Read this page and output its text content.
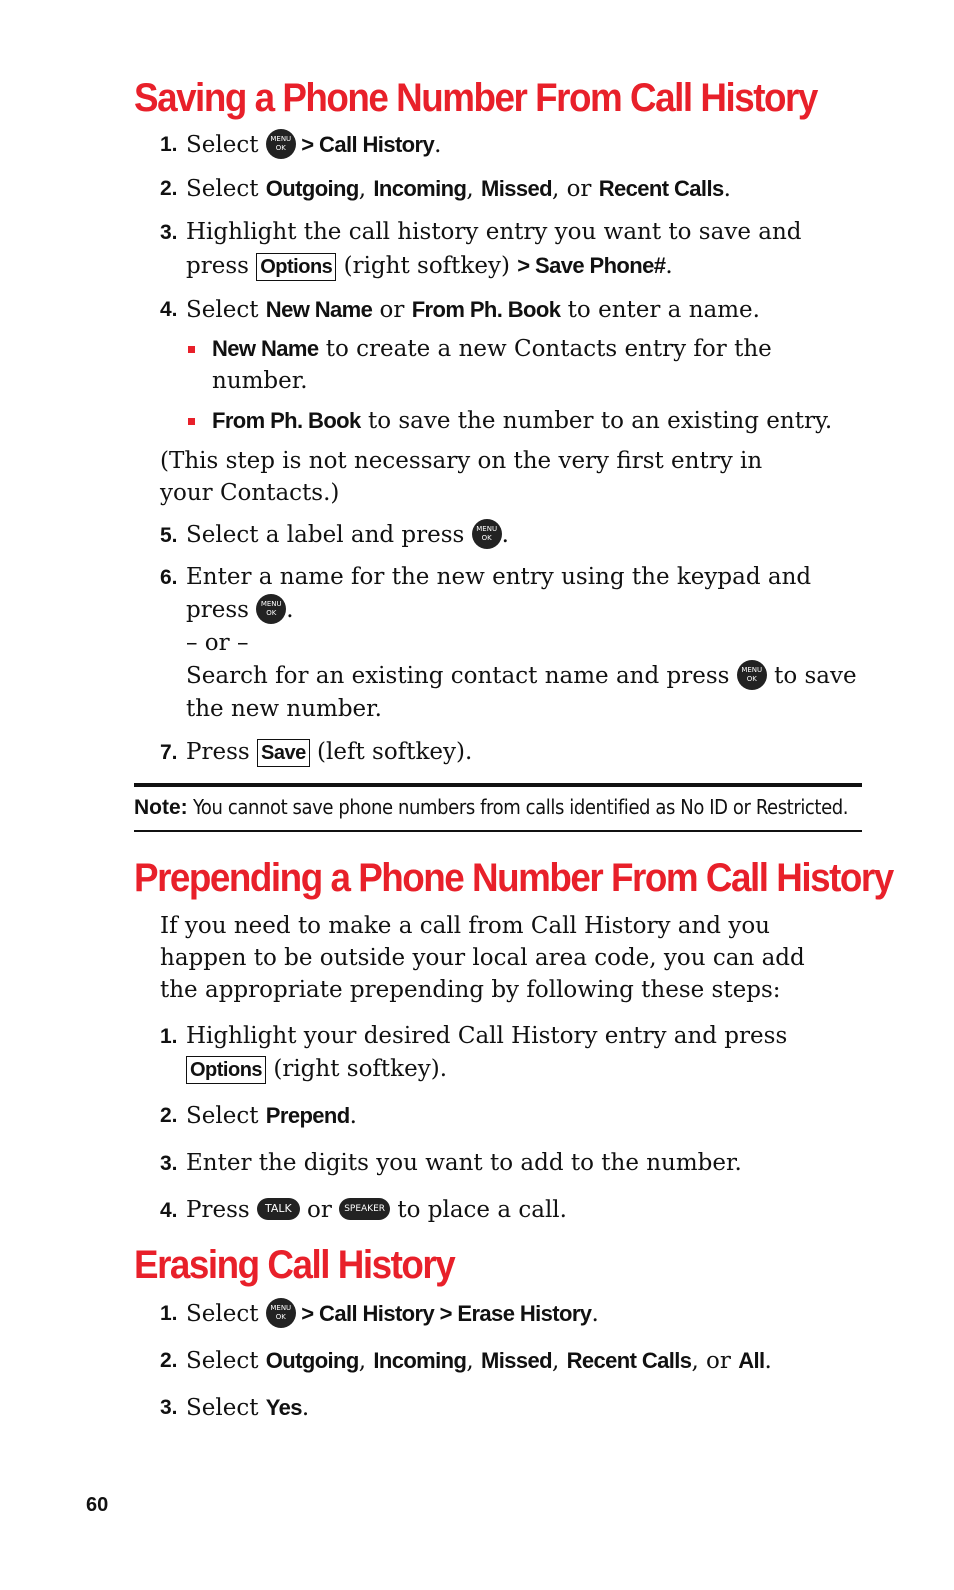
Saving a Phone Number From Call History
1. Select MENU
OK > Call History.
2. Select Outgoing, Incoming, Missed, or Recent Calls.
3. Highlight the call history entry you want to save and press Options (right softkey) > Save Phone#.
4. Select New Name or From Ph. Book to enter a name.
New Name to create a new Contacts entry for the number.
From Ph. Book to save the number to an existing entry.
(This step is not necessary on the very first entry in your Contacts.)
5. Select a label and press MENU
OK .
6. Enter a name for the new entry using the keypad and press MENU
OK .
– or –
Search for an existing contact name and press MENU
OK to save the new number.
7. Press Save (left softkey).
Note: You cannot save phone numbers from calls identified as No ID or Restricted.
Prepending a Phone Number From Call History
If you need to make a call from Call History and you happen to be outside your local area code, you can add the appropriate prepending by following these steps:
1. Highlight your desired Call History entry and press Options (right softkey).
2. Select Prepend.
3. Enter the digits you want to add to the number.
4. Press TALK or SPEAKER to place a call.
Erasing Call History
1. Select MENU
OK > Call History > Erase History.
2. Select Outgoing, Incoming, Missed, Recent Calls, or All.
3. Select Yes.
60
